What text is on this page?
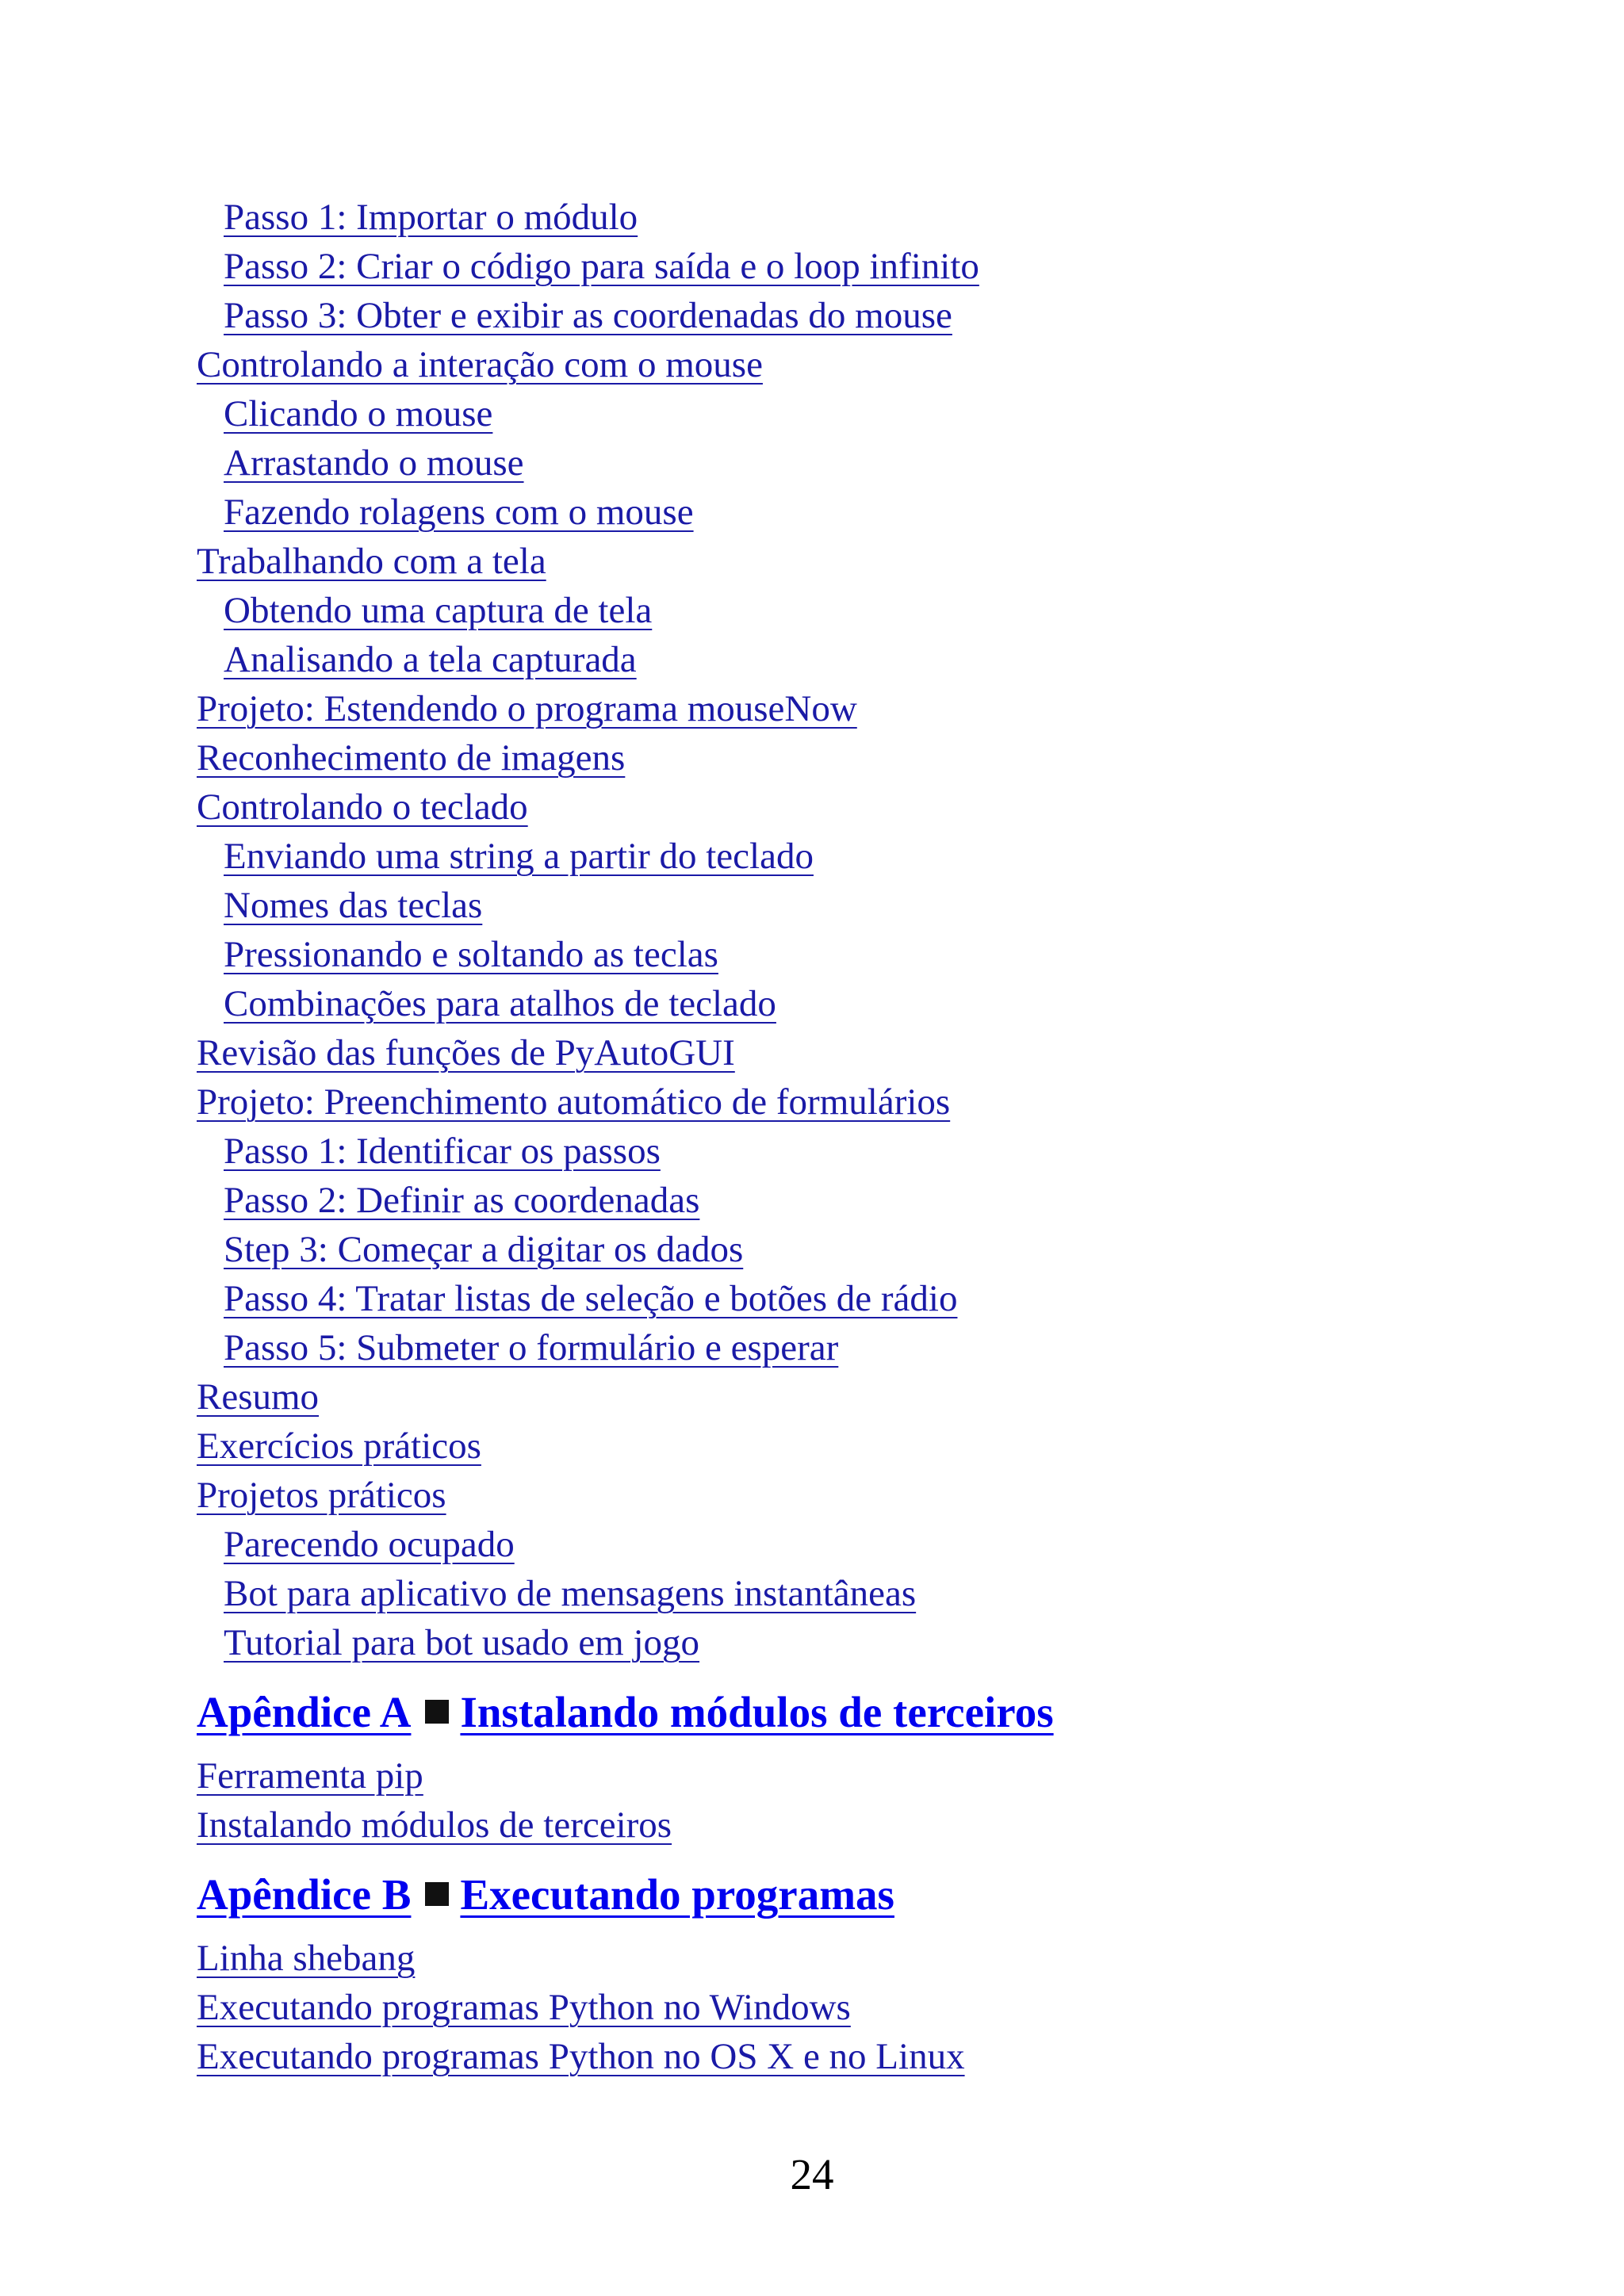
Passo 1: Importar o módulo
Passo 2: Criar o código para saída e o loop infinito
Passo 3: Obter e exibir as coordenadas do mouse
Controlando a interação com o mouse
Clicando o mouse
Arrastando o mouse
Fazendo rolagens com o mouse
Trabalhando com a tela
Obtendo uma captura de tela
Analisando a tela capturada
Projeto: Estendendo o programa mouseNow
Reconhecimento de imagens
Controlando o teclado
Enviando uma string a partir do teclado
Nomes das teclas
Pressionando e soltando as teclas
Combinações para atalhos de teclado
Revisão das funções de PyAutoGUI
Projeto: Preenchimento automático de formulários
Passo 1: Identificar os passos
Passo 2: Definir as coordenadas
Step 3: Começar a digitar os dados
Passo 4: Tratar listas de seleção e botões de rádio
Passo 5: Submeter o formulário e esperar
Resumo
Exercícios práticos
Projetos práticos
Parecendo ocupado
Bot para aplicativo de mensagens instantâneas
Tutorial para bot usado em jogo
Apêndice A Instalando módulos de terceiros
Ferramenta pip
Instalando módulos de terceiros
Apêndice B Executando programas
Linha shebang
Executando programas Python no Windows
Executando programas Python no OS X e no Linux
24
